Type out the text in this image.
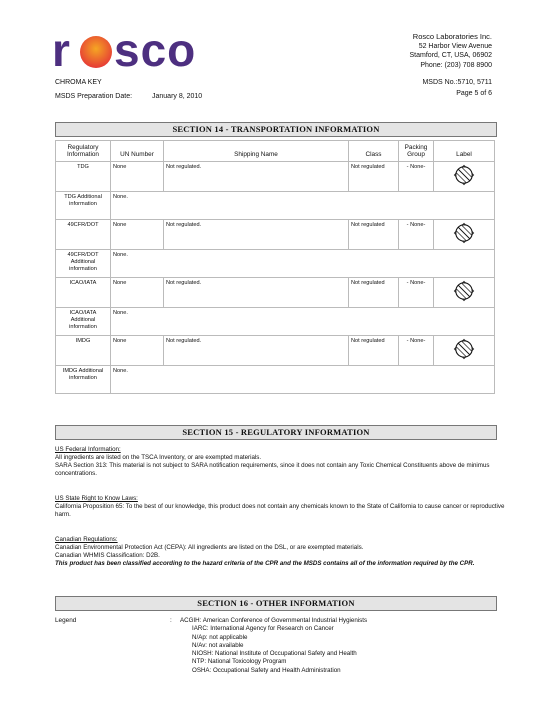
r sco	Rosco Laboratories Inc.
52 Harbor View Avenue
Stamford, CT, USA, 06902
Phone: (203) 708 8900
CHROMA KEY
MSDS Preparation Date:	January 8, 2010
MSDS No.:5710, 5711
Page 5 of 6
SECTION 14 - TRANSPORTATION INFORMATION
Regulatory Information	UN Number	Shipping Name	Class	Packing Group	Label
TDG	None	Not regulated.	Not regulated	- None-	

TDG Additional information	None.				
49CFR/DOT	None	Not regulated.	Not regulated	- None-	

49CFR/DOT Additional information	None.				
ICAO/IATA	None	Not regulated.	Not regulated	- None-	

ICAO/IATA Additional information	None.				
IMDG	None	Not regulated.	Not regulated	- None-	

IMDG Additional information	None.				
SECTION 15 - REGULATORY INFORMATION
US Federal Information:
All ingredients are listed on the TSCA Inventory, or are exempted materials.
SARA Section 313: This material is not subject to SARA notification requirements, since it does not contain any Toxic Chemical Constituents above de minimus concentrations.
US State Right to Know Laws:
California Proposition 65: To the best of our knowledge, this product does not contain any chemicals known to the State of California to cause cancer or reproductive harm.
Canadian Regulations:
Canadian Environmental Protection Act (CEPA): All ingredients are listed on the DSL, or are exempted materials.
Canadian WHMIS Classification: D2B.
This product has been classified according to the hazard criteria of the CPR and the MSDS contains all of the information required by the CPR.
SECTION 16 - OTHER INFORMATION
Legend	: ACGIH: American Conference of Governmental Industrial Hygienists
IARC: International Agency for Research on Cancer
N/Ap: not applicable
N/Av: not available
NIOSH: National Institute of Occupational Safety and Health
NTP: National Toxicology Program
OSHA: Occupational Safety and Health Administration
